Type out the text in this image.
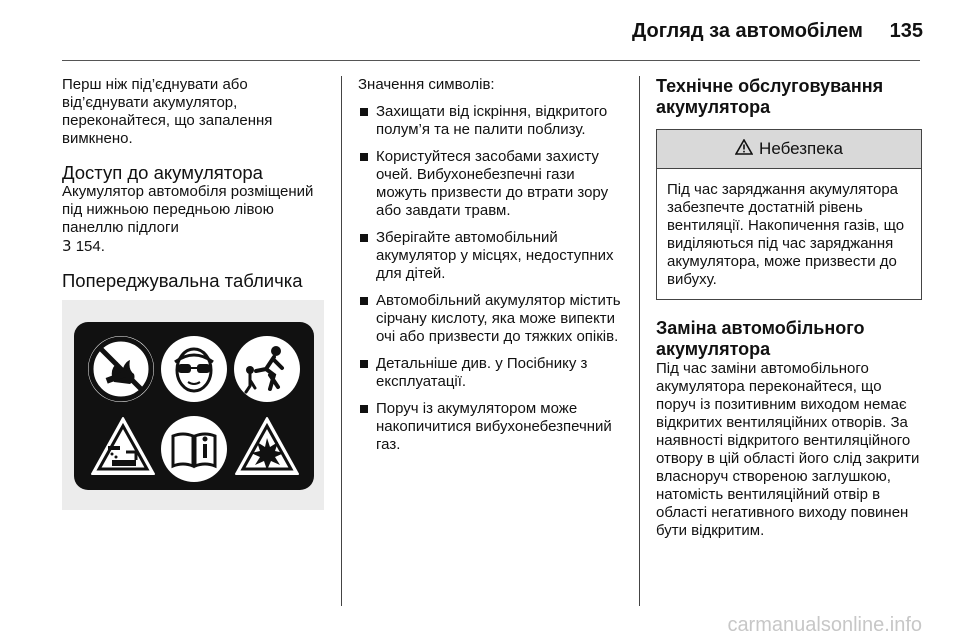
Догляд за автомобілем 135

Перш ніж під’єднувати або від’єднувати акумулятор, переконайтеся, що запалення вимкнено.

Доступ до акумулятора

Акумулятор автомобіля розміщений під нижньою передньою лівою панеллю підлоги
3 154.

Попереджувальна табличка

Значення символів:

Захищати від іскріння, відкритого полум’я та не палити поблизу.
Користуйтеся засобами захисту очей. Вибухонебезпечні гази можуть призвести до втрати зору або завдати травм.
Зберігайте автомобільний акумулятор у місцях, недоступних для дітей.
Автомобільний акумулятор містить сірчану кислоту, яка може випекти очі або призвести до тяжких опіків.
Детальніше див. у Посібнику з експлуатації.
Поруч із акумулятором може накопичитися вибухонебезпечний газ.
Технічне обслуговування акумулятора
Небезпека
Під час заряджання акумулятора забезпечте достатній рівень вентиляції. Накопичення газів, що виділяються під час заряджання акумулятора, може призвести до вибуху.
Заміна автомобільного акумулятора

Під час заміни автомобільного акумулятора переконайтеся, що поруч із позитивним виходом немає відкритих вентиляційних отворів. За наявності відкритого вентиляційного отвору в цій області його слід закрити власноруч створеною заглушкою, натомість вентиляційний отвір в області негативного виходу повинен бути відкритим.

carmanualsonline.info
